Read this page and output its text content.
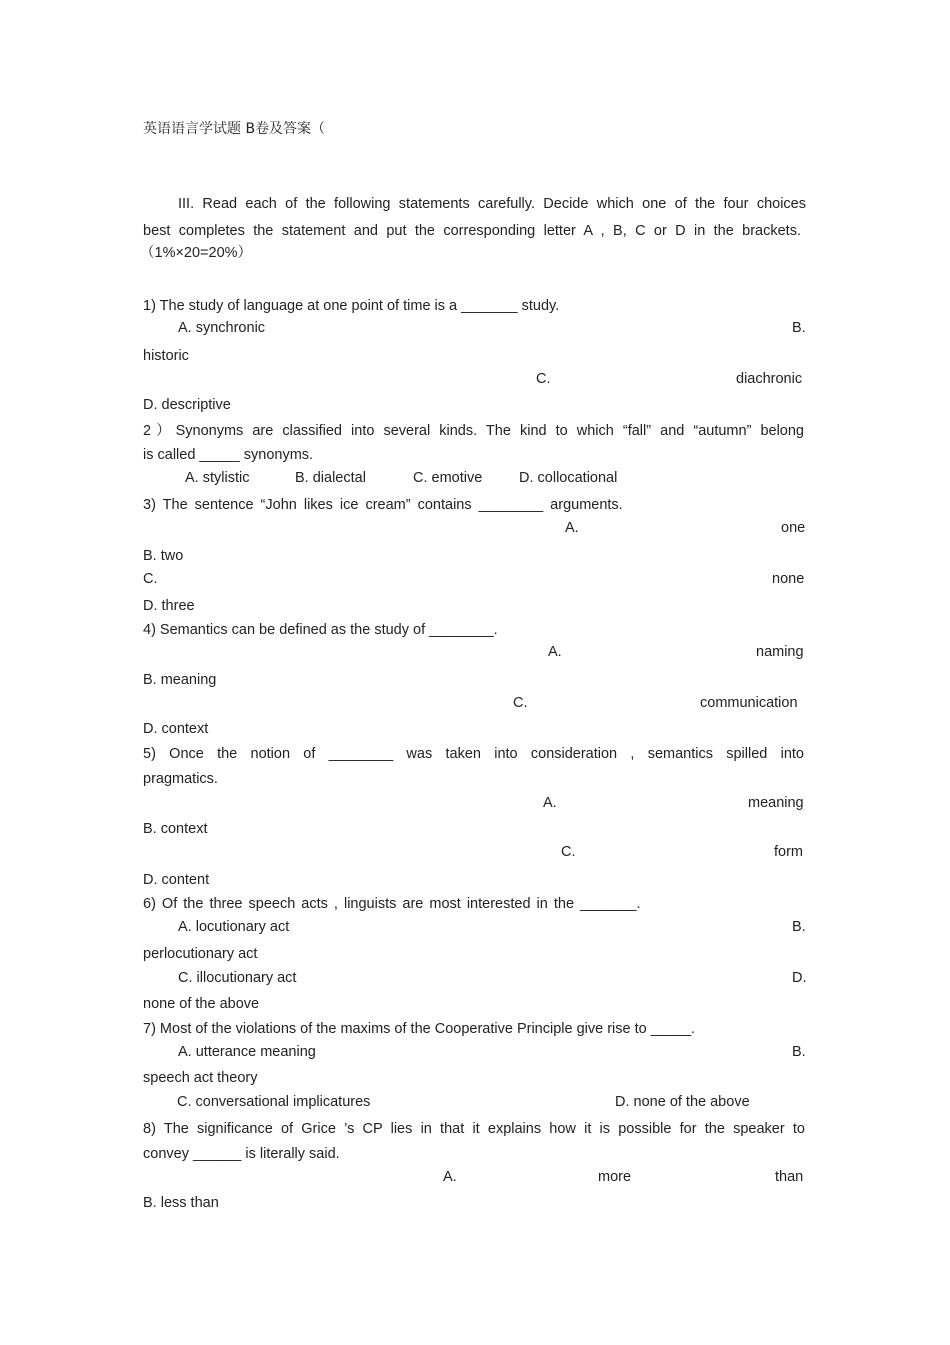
英语语言学试题 B卷及答案（
III. Read each of the following statements carefully. Decide which one of the four choices
best completes the statement and put the corresponding letter A , B, C or D in the brackets.
（1%×20=20%）
1) The study of language at one point of time is a _______ study.
A. synchronic	B.
historic
C.	diachronic
D. descriptive
2）Synonyms are classified into several kinds. The kind to which “fall” and “autumn” belong
is called _____ synonyms.
A. stylistic	B. dialectal	C. emotive	D. collocational
3) The sentence “John likes ice cream” contains ________ arguments.
A.	one
B. two
C.	none
D. three
4) Semantics can be defined as the study of ________.
A.	naming
B. meaning
C.	communication
D. context
5) Once the notion of ________ was taken into consideration , semantics spilled into
pragmatics.
A.	meaning
B. context
C.	form
D. content
6) Of the three speech acts , linguists are most interested in the _______.
A. locutionary act	B.
perlocutionary act
C. illocutionary act	D.
none of the above
7) Most of the violations of the maxims of the Cooperative Principle give rise to _____.
A. utterance meaning	B.
speech act theory
C. conversational implicatures	D. none of the above
8) The significance of Grice ’s CP lies in that it explains how it is possible for the speaker to
convey ______ is literally said.
A.	more	than
B. less than
